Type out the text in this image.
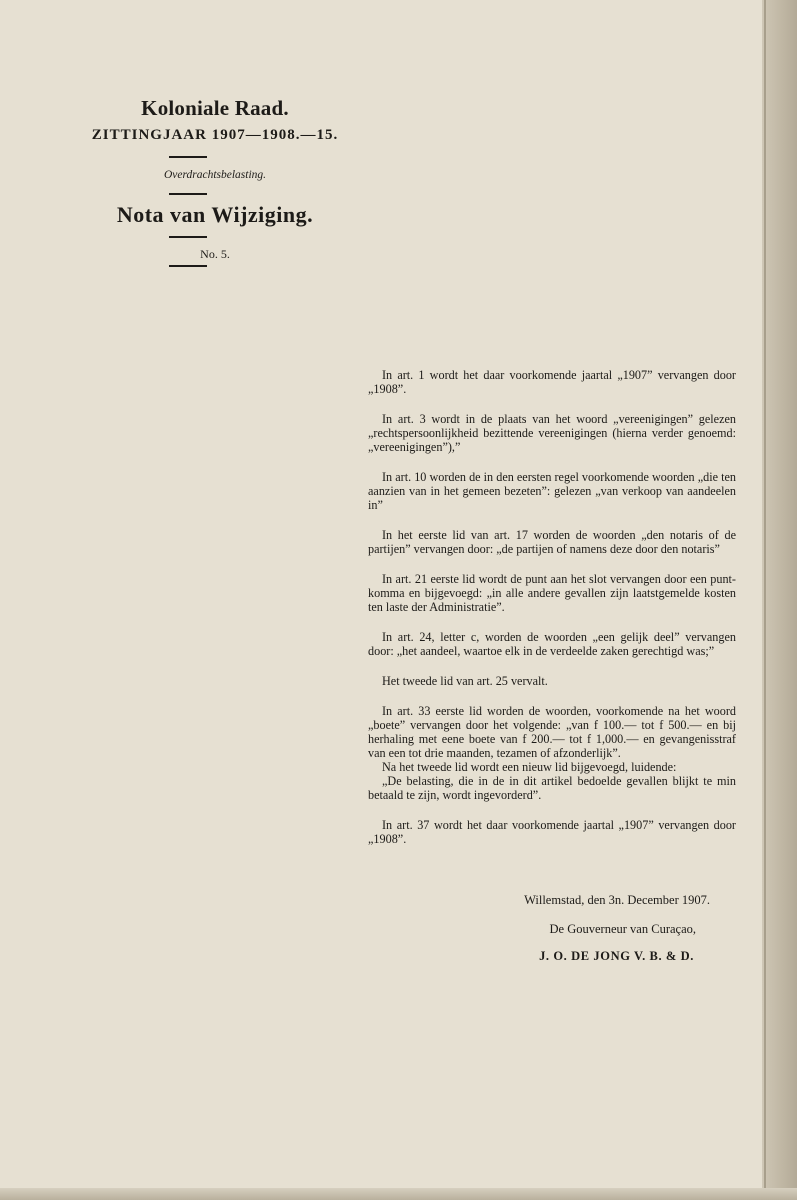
Koloniale Raad.
ZITTINGJAAR 1907—1908.—15.
Overdrachtsbelasting.
Nota van Wijziging.
No. 5.

In art. 1 wordt het daar voorkomende jaartal „1907” vervangen door „1908”.

In art. 3 wordt in de plaats van het woord „vereenigingen” gelezen „rechtspersoonlijkheid bezittende vereenigingen (hierna verder genoemd: „vereenigingen”),”

In art. 10 worden de in den eersten regel voorkomende woorden „die ten aanzien van in het gemeen bezeten”: gelezen „van verkoop van aandeelen in”

In het eerste lid van art. 17 worden de woorden „den notaris of de partijen” vervangen door: „de partijen of namens deze door den notaris”

In art. 21 eerste lid wordt de punt aan het slot vervangen door een punt-komma en bijgevoegd: „in alle andere gevallen zijn laatstgemelde kosten ten laste der Administratie”.

In art. 24, letter c, worden de woorden „een gelijk deel” vervangen door: „het aandeel, waartoe elk in de verdeelde zaken gerechtigd was;”

Het tweede lid van art. 25 vervalt.

In art. 33 eerste lid worden de woorden, voorkomende na het woord „boete” vervangen door het volgende: „van f 100.— tot f 500.— en bij herhaling met eene boete van f 200.— tot f 1,000.— en gevangenisstraf van een tot drie maanden, tezamen of afzonderlijk”.

Na het tweede lid wordt een nieuw lid bijgevoegd, luidende:

„De belasting, die in de in dit artikel bedoelde gevallen blijkt te min betaald te zijn, wordt ingevorderd”.

In art. 37 wordt het daar voorkomende jaartal „1907” vervangen door „1908”.

Willemstad, den 3n. December 1907.
De Gouverneur van Curaçao,
J. O. DE JONG V. B. & D.
